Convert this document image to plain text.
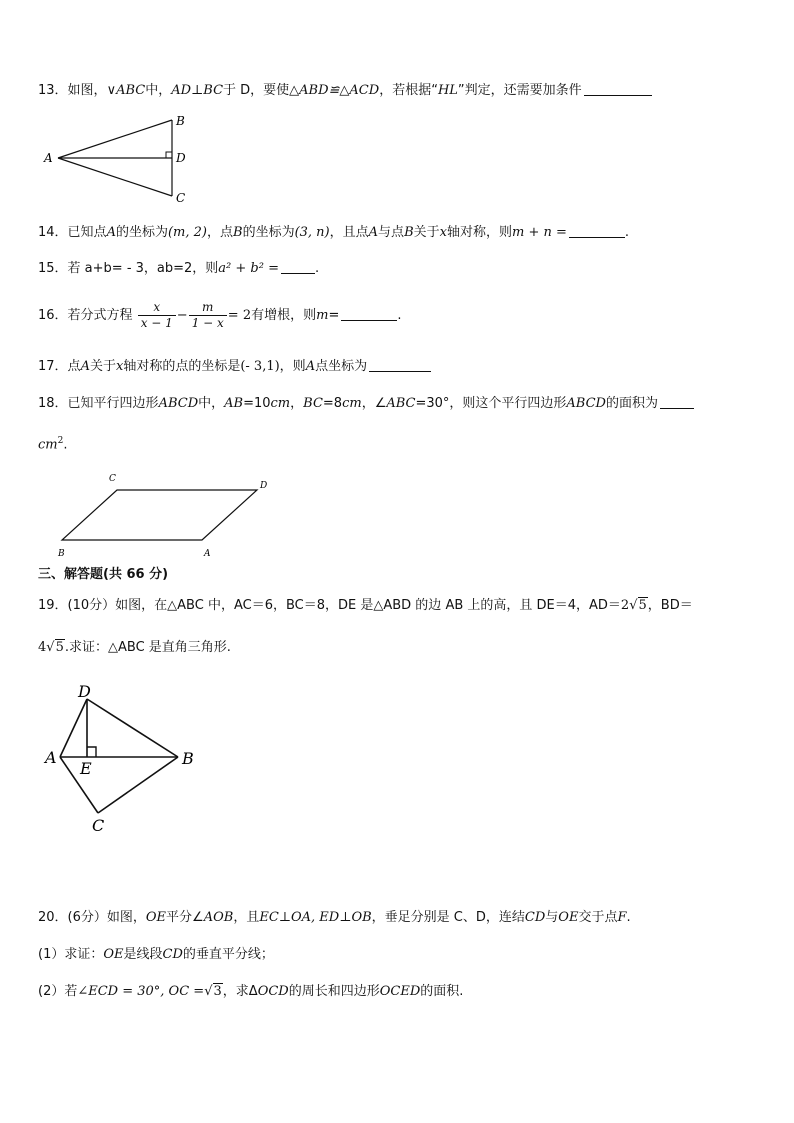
13．如图，∨ABC中，AD⊥BC于 D，要使△ABD≌△ACD，若根据“HL”判定，还需要加条件
A
B
D
C
14．已知点A的坐标为(m, 2)，点B的坐标为(3, n)，且点A与点B关于x轴对称，则m + n =	.
15．若 a+b= - 3，ab=2，则a² + b² =	.
16．若分式方程 $\frac{x}{x - 1} - \frac{m}{1 - x} = 2$有增根，则m=	.
17．点A关于x轴对称的点的坐标是(- 3,1)，则A点坐标为
18．已知平行四边形ABCD中，AB=10cm，BC=8cm，∠ABC=30°，则这个平行四边形ABCD的面积为
$cm^2$.
C
D
B	A
三、解答题(共 66 分)
19．(10分）如图，在△ABC 中，AC＝6，BC＝8，DE 是△ABD 的边 AB 上的高，且 DE＝4，AD＝2√5，BD＝
4√5.求证：△ABC 是直角三角形.
D
A
E
B
C
20．(6分）如图，OE平分∠AOB，且EC⊥OA, ED⊥OB，垂足分别是 C、D，连结CD与OE交于点F.
(1）求证：OE是线段CD的垂直平分线；
(2）若∠ECD = 30°, OC =√3，求ΔOCD的周长和四边形OCED的面积.
